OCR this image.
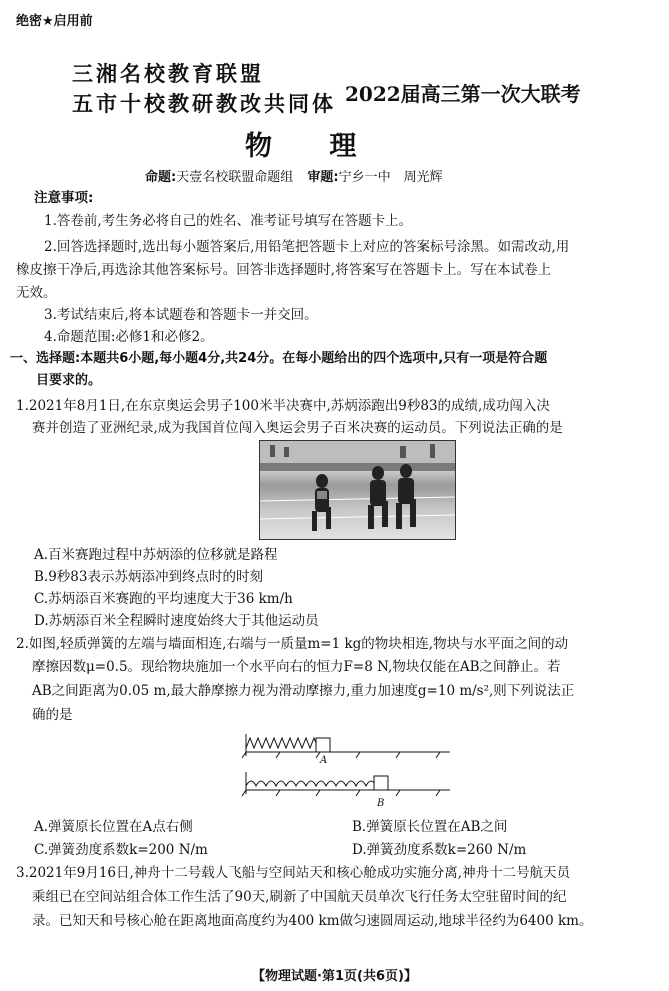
绝密★启用前
三湘名校教育联盟
五市十校教研教改共同体 2022届高三第一次大联考
物 理
命题:天壹名校联盟命题组 审题:宁乡一中　周光辉
注意事项:
1.答卷前,考生务必将自己的姓名、准考证号填写在答题卡上。
2.回答选择题时,选出每小题答案后,用铅笔把答题卡上对应的答案标号涂黑。如需改动,用
橡皮擦干净后,再选涂其他答案标号。回答非选择题时,将答案写在答题卡上。写在本试卷上
无效。
3.考试结束后,将本试题卷和答题卡一并交回。
4.命题范围:必修1和必修2。
一、选择题:本题共6小题,每小题4分,共24分。在每小题给出的四个选项中,只有一项是符合题
目要求的。
1.2021年8月1日,在东京奥运会男子100米半决赛中,苏炳添跑出9秒83的成绩,成功闯入决
赛并创造了亚洲纪录,成为我国首位闯入奥运会男子百米决赛的运动员。下列说法正确的是
A.百米赛跑过程中苏炳添的位移就是路程
B.9秒83表示苏炳添冲到终点时的时刻
C.苏炳添百米赛跑的平均速度大于36 km/h
D.苏炳添百米全程瞬时速度始终大于其他运动员
2.如图,轻质弹簧的左端与墙面相连,右端与一质量m=1 kg的物块相连,物块与水平面之间的动
摩擦因数μ=0.5。现给物块施加一个水平向右的恒力F=8 N,物块仅能在AB之间静止。若
AB之间距离为0.05 m,最大静摩擦力视为滑动摩擦力,重力加速度g=10 m/s²,则下列说法正
确的是
A
B
A.弹簧原长位置在A点右侧	B.弹簧原长位置在AB之间
C.弹簧劲度系数k=200 N/m	D.弹簧劲度系数k=260 N/m
3.2021年9月16日,神舟十二号载人飞船与空间站天和核心舱成功实施分离,神舟十二号航天员
乘组已在空间站组合体工作生活了90天,刷新了中国航天员单次飞行任务太空驻留时间的纪
录。已知天和号核心舱在距离地面高度约为400 km做匀速圆周运动,地球半径约为6400 km。
【物理试题·第1页(共6页)】
